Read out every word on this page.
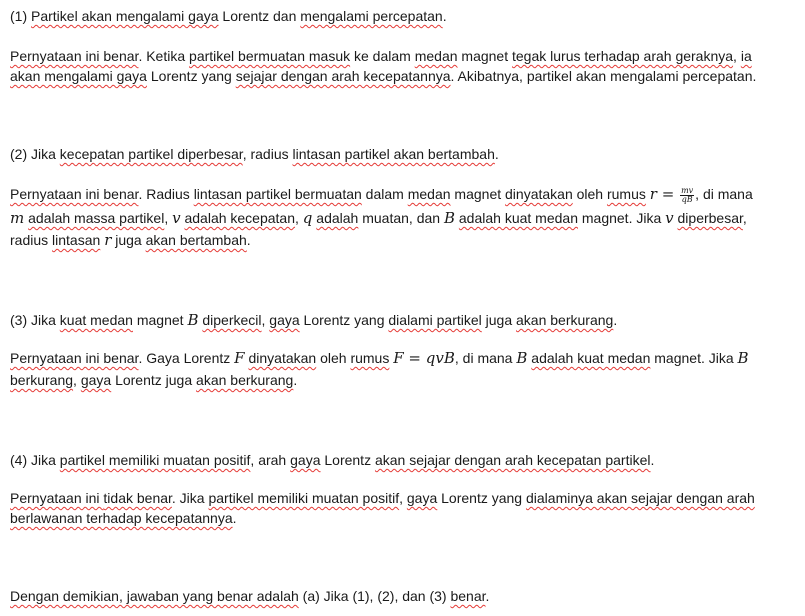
(1) Partikel akan mengalami gaya Lorentz dan mengalami percepatan.
Pernyataan ini benar. Ketika partikel bermuatan masuk ke dalam medan magnet tegak lurus terhadap arah geraknya, ia
akan mengalami gaya Lorentz yang sejajar dengan arah kecepatannya. Akibatnya, partikel akan mengalami percepatan.
(2) Jika kecepatan partikel diperbesar, radius lintasan partikel akan bertambah.
Pernyataan ini benar. Radius lintasan partikel bermuatan dalam medan magnet dinyatakan oleh rumus $r = \frac{mv}{qB}$ , di mana
m adalah massa partikel, v adalah kecepatan, q adalah muatan, dan B adalah kuat medan magnet. Jika v diperbesar,
radius lintasan r juga akan bertambah.
(3) Jika kuat medan magnet B diperkecil, gaya Lorentz yang dialami partikel juga akan berkurang.
Pernyataan ini benar. Gaya Lorentz F dinyatakan oleh rumus F = qvB, di mana B adalah kuat medan magnet. Jika B
berkurang, gaya Lorentz juga akan berkurang.
(4) Jika partikel memiliki muatan positif, arah gaya Lorentz akan sejajar dengan arah kecepatan partikel.
Pernyataan ini tidak benar. Jika partikel memiliki muatan positif, gaya Lorentz yang dialaminya akan sejajar dengan arah
berlawanan terhadap kecepatannya.
Dengan demikian, jawaban yang benar adalah (a) Jika (1), (2), dan (3) benar.
